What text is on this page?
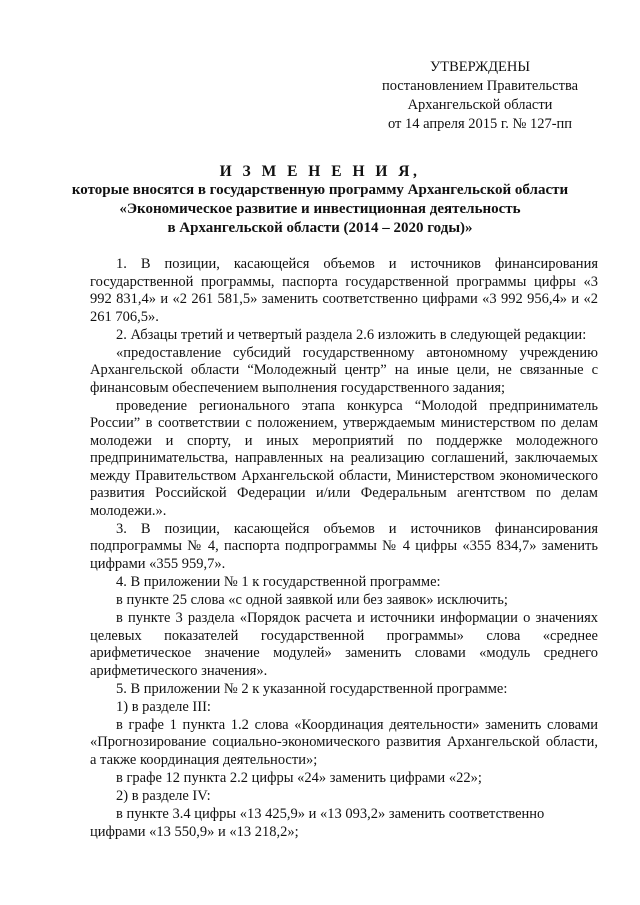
УТВЕРЖДЕНЫ
постановлением Правительства
Архангельской области
от 14 апреля 2015 г. № 127-пп
И З М Е Н Е Н И Я,
которые вносятся в государственную программу Архангельской области
«Экономическое развитие и инвестиционная деятельность
в Архангельской области (2014 – 2020 годы)»

1. В позиции, касающейся объемов и источников финансирования государственной программы, паспорта государственной программы цифры «3 992 831,4» и «2 261 581,5» заменить соответственно цифрами «3 992 956,4» и «2 261 706,5».

2. Абзацы третий и четвертый раздела 2.6 изложить в следующей редакции:

«предоставление субсидий государственному автономному учреждению Архангельской области “Молодежный центр” на иные цели, не связанные с финансовым обеспечением выполнения государственного задания;

проведение регионального этапа конкурса “Молодой предприниматель России” в соответствии с положением, утверждаемым министерством по делам молодежи и спорту, и иных мероприятий по поддержке молодежного предпринимательства, направленных на реализацию соглашений, заключаемых между Правительством Архангельской области, Министерством экономического развития Российской Федерации и/или Федеральным агентством по делам молодежи.».

3. В позиции, касающейся объемов и источников финансирования подпрограммы № 4, паспорта подпрограммы № 4 цифры «355 834,7» заменить цифрами «355 959,7».

4. В приложении № 1 к государственной программе:

в пункте 25 слова «с одной заявкой или без заявок» исключить;

в пункте 3 раздела «Порядок расчета и источники информации о значениях целевых показателей государственной программы» слова «среднее арифметическое значение модулей» заменить словами «модуль среднего арифметического значения».

5. В приложении № 2 к указанной государственной программе:

1) в разделе III:

в графе 1 пункта 1.2 слова «Координация деятельности» заменить словами «Прогнозирование социально-экономического развития Архангельской области, а также координация деятельности»;

в графе 12 пункта 2.2 цифры «24» заменить цифрами «22»;

2) в разделе IV:

в пункте 3.4 цифры «13 425,9» и «13 093,2» заменить соответственно цифрами «13 550,9» и «13 218,2»;
